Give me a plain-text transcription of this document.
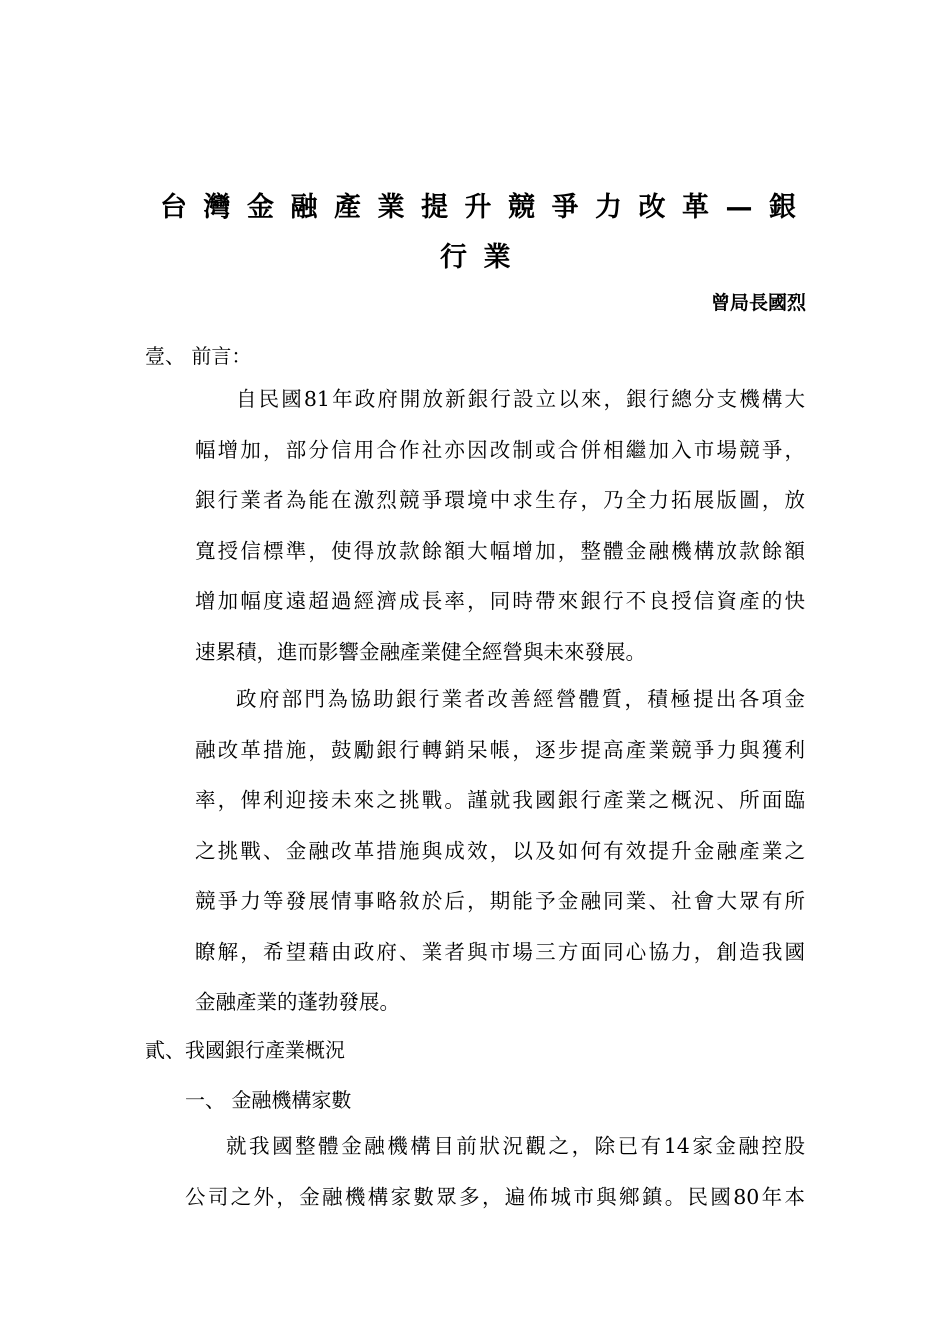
台灣金融產業提升競爭力改革—銀
行業
曾局長國烈
壹、 前言：
自民國81年政府開放新銀行設立以來，銀行總分支機構大
幅增加，部分信用合作社亦因改制或合併相繼加入市場競爭，
銀行業者為能在激烈競爭環境中求生存，乃全力拓展版圖，放
寬授信標準，使得放款餘額大幅增加，整體金融機構放款餘額
增加幅度遠超過經濟成長率，同時帶來銀行不良授信資產的快
速累積，進而影響金融產業健全經營與未來發展。
政府部門為協助銀行業者改善經營體質，積極提出各項金
融改革措施，鼓勵銀行轉銷呆帳，逐步提高產業競爭力與獲利
率，俾利迎接未來之挑戰。謹就我國銀行產業之概況、所面臨
之挑戰、金融改革措施與成效，以及如何有效提升金融產業之
競爭力等發展情事略敘於后，期能予金融同業、社會大眾有所
瞭解，希望藉由政府、業者與市場三方面同心協力，創造我國
金融產業的蓬勃發展。
貳、我國銀行產業概況
一、 金融機構家數
就我國整體金融機構目前狀況觀之，除已有14家金融控股
公司之外，金融機構家數眾多，遍佈城市與鄉鎮。民國80年本
